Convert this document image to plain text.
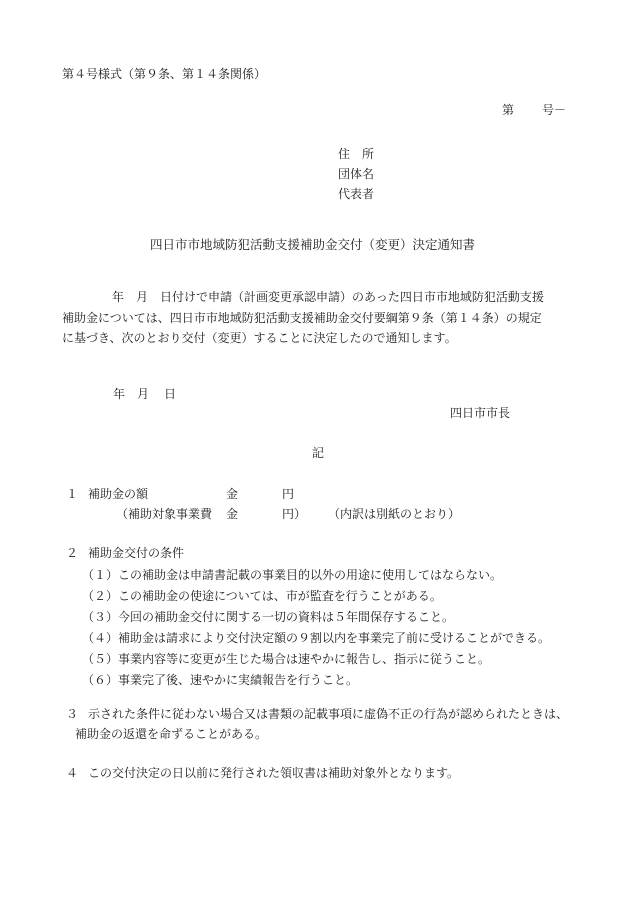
第４号様式（第９条、第１４条関係）
第 号－
住　所
団体名
代表者
四日市市地域防犯活動支援補助金交付（変更）決定通知書
年　月　日付けで申請（計画変更承認申請）のあった四日市市地域防犯活動支援
補助金については、四日市市地域防犯活動支援補助金交付要綱第９条（第１４条）の規定
に基づき、次のとおり交付（変更）することに決定したので通知します。
年 月 日
四日市市長
記
１ 補助金の額	金	円
（補助対象事業費 金	円） （内訳は別紙のとおり）
２ 補助金交付の条件
（１）この補助金は申請書記載の事業目的以外の用途に使用してはならない。
（２）この補助金の使途については、市が監査を行うことがある。
（３）今回の補助金交付に関する一切の資料は５年間保存すること。
（４）補助金は請求により交付決定額の９割以内を事業完了前に受けることができる。
（５）事業内容等に変更が生じた場合は速やかに報告し、指示に従うこと。
（６）事業完了後、速やかに実績報告を行うこと。
３ 示された条件に従わない場合又は書類の記載事項に虚偽不正の行為が認められたときは、
補助金の返還を命ずることがある。
４ この交付決定の日以前に発行された領収書は補助対象外となります。
